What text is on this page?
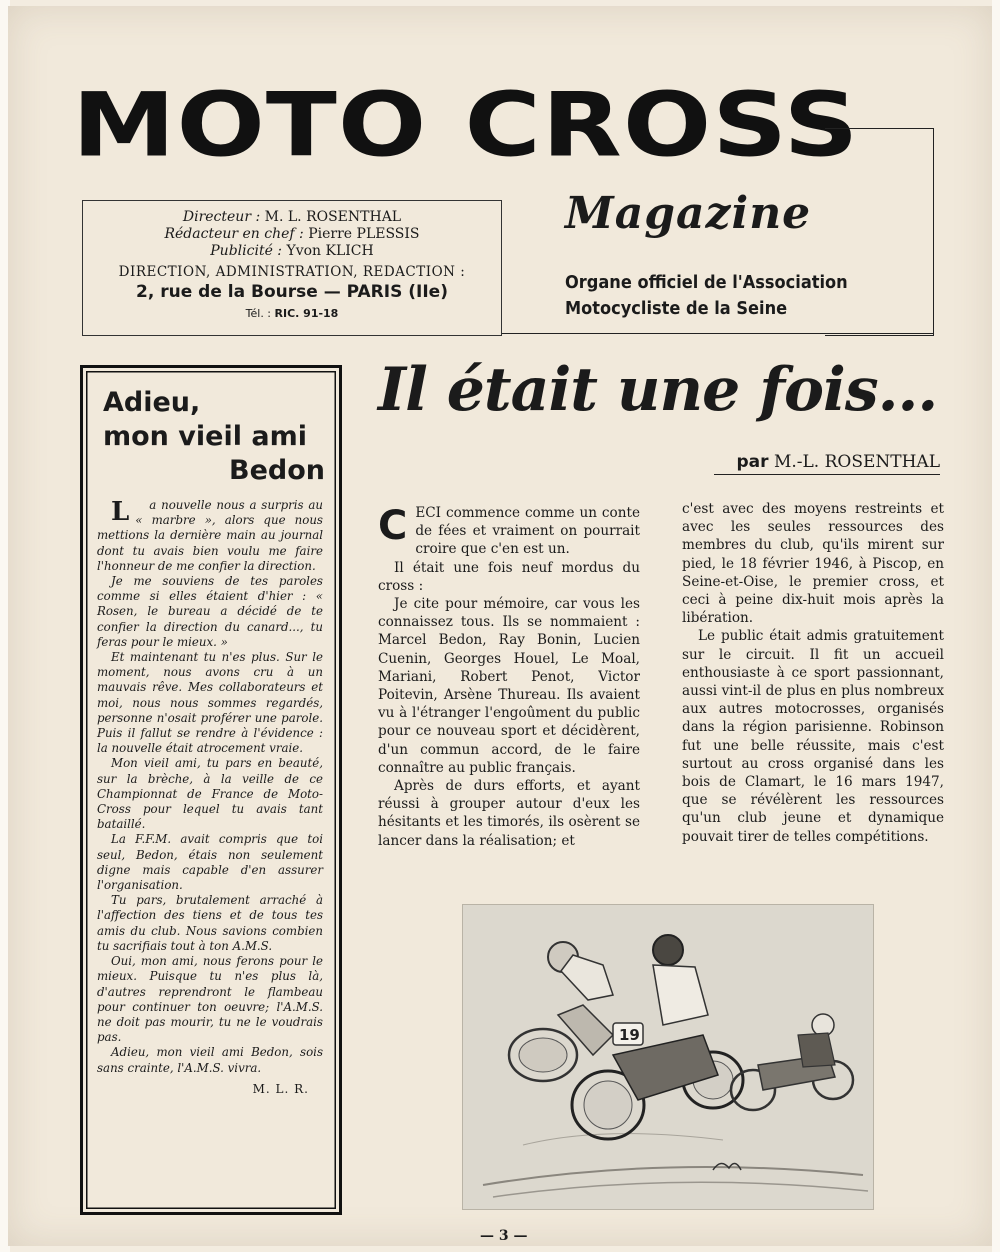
MOTO CROSS
Directeur : M. L. ROSENTHAL
Rédacteur en chef : Pierre PLESSIS
Publicité : Yvon KLICH
DIRECTION, ADMINISTRATION, REDACTION :
2, rue de la Bourse — PARIS (IIe)
Tél. : RIC. 91-18
Magazine
Organe officiel de l'Association
Motocycliste de la Seine
Adieu,
mon vieil ami

Bedon

La nouvelle nous a surpris au « marbre », alors que nous mettions la dernière main au journal dont tu avais bien voulu me faire l'honneur de me confier la direction.

Je me souviens de tes paroles comme si elles étaient d'hier : « Rosen, le bureau a décidé de te confier la direction du canard..., tu feras pour le mieux. »

Et maintenant tu n'es plus. Sur le moment, nous avons cru à un mauvais rêve. Mes collaborateurs et moi, nous nous sommes regardés, personne n'osait proférer une parole. Puis il fallut se rendre à l'évidence : la nouvelle était atrocement vraie.

Mon vieil ami, tu pars en beauté, sur la brèche, à la veille de ce Championnat de France de Moto-Cross pour lequel tu avais tant bataillé.

La F.F.M. avait compris que toi seul, Bedon, étais non seulement digne mais capable d'en assurer l'organisation.

Tu pars, brutalement arraché à l'affection des tiens et de tous tes amis du club. Nous savions combien tu sacrifiais tout à ton A.M.S.

Oui, mon ami, nous ferons pour le mieux. Puisque tu n'es plus là, d'autres reprendront le flambeau pour continuer ton oeuvre; l'A.M.S. ne doit pas mourir, tu ne le voudrais pas.

Adieu, mon vieil ami Bedon, sois sans crainte, l'A.M.S. vivra.

M. L. R.
Il était une fois...
par M.-L. ROSENTHAL

CECI commence comme un conte de fées et vraiment on pourrait croire que c'en est un.

Il était une fois neuf mordus du cross :

Je cite pour mémoire, car vous les connaissez tous. Ils se nommaient : Marcel Bedon, Ray Bonin, Lucien Cuenin, Georges Houel, Le Moal, Mariani, Robert Penot, Victor Poitevin, Arsène Thureau. Ils avaient vu à l'étranger l'engoûment du public pour ce nouveau sport et décidèrent, d'un commun accord, de le faire connaître au public français.

Après de durs efforts, et ayant réussi à grouper autour d'eux les hésitants et les timorés, ils osèrent se lancer dans la réalisation; et

c'est avec des moyens restreints et avec les seules ressources des membres du club, qu'ils mirent sur pied, le 18 février 1946, à Piscop, en Seine-et-Oise, le premier cross, et ceci à peine dix-huit mois après la libération.

Le public était admis gratuitement sur le circuit. Il fit un accueil enthousiaste à ce sport passionnant, aussi vint-il de plus en plus nombreux aux autres motocrosses, organisés dans la région parisienne. Robinson fut une belle réussite, mais c'est surtout au cross organisé dans les bois de Clamart, le 16 mars 1947, que se révélèrent les ressources qu'un club jeune et dynamique pouvait tirer de telles compétitions.

19
— 3 —
